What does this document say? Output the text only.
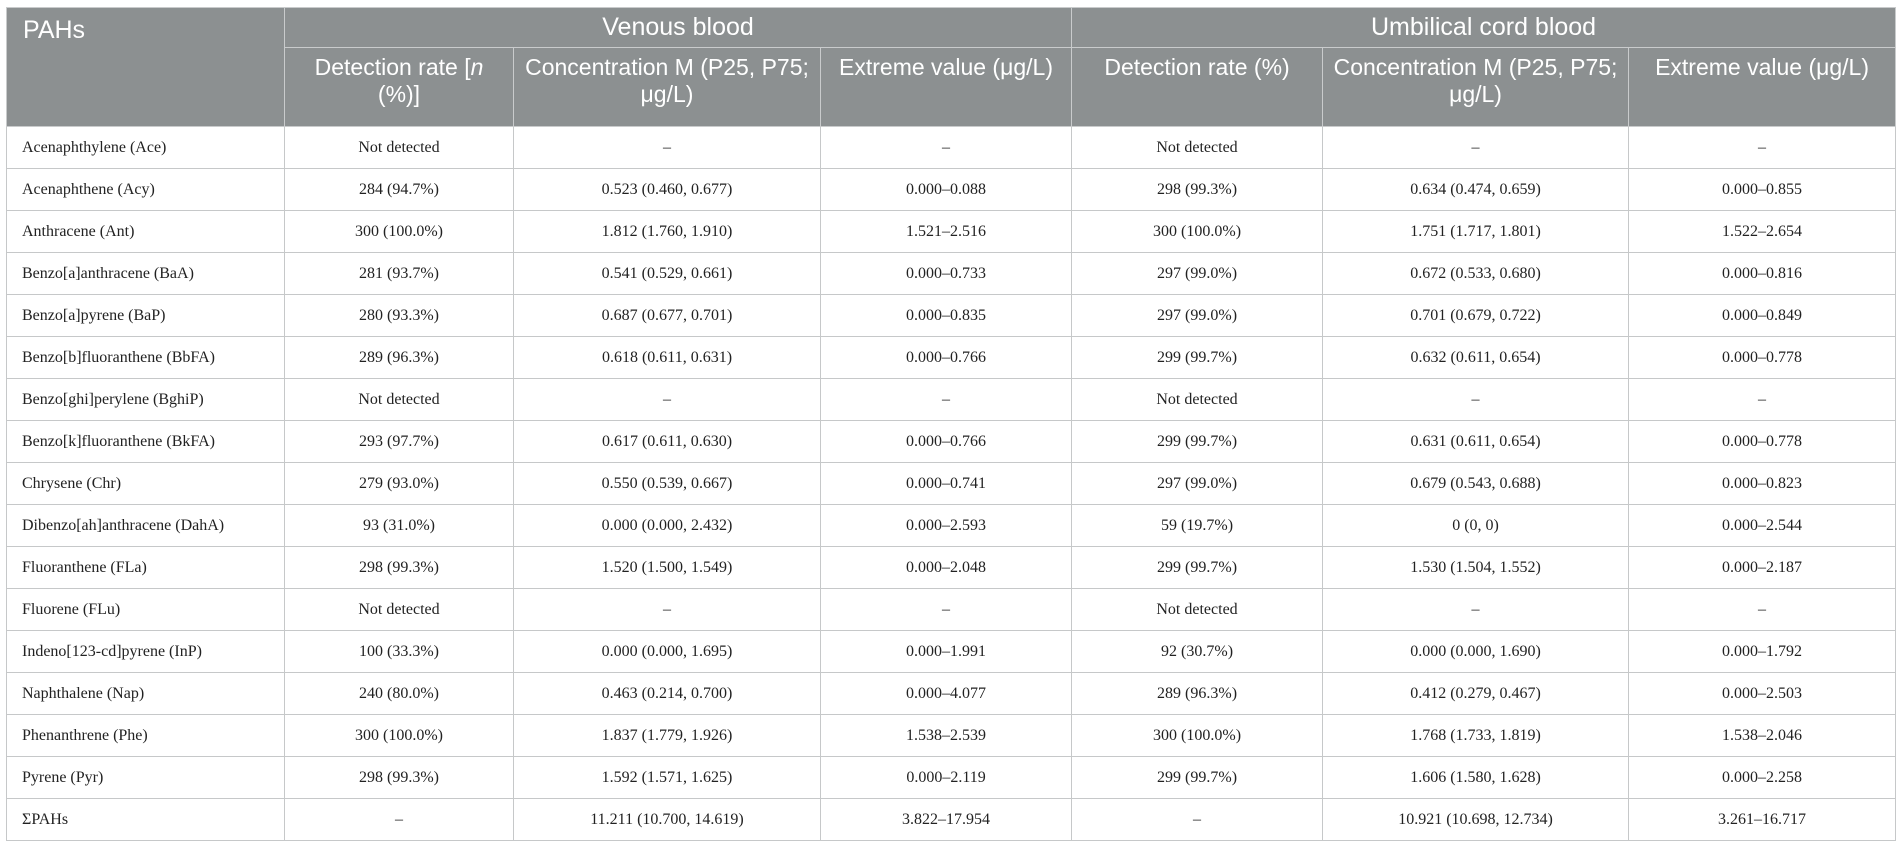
PAHs	Venous blood			Umbilical cord blood		
	Detection rate [n (%)]	Concentration M (P25, P75; μg/L)	Extreme value (μg/L)	Detection rate (%)	Concentration M (P25, P75; μg/L)	Extreme value (μg/L)
Acenaphthylene (Ace)	Not detected	–	–	Not detected	–	–
Acenaphthene (Acy)	284 (94.7%)	0.523 (0.460, 0.677)	0.000–0.088	298 (99.3%)	0.634 (0.474, 0.659)	0.000–0.855
Anthracene (Ant)	300 (100.0%)	1.812 (1.760, 1.910)	1.521–2.516	300 (100.0%)	1.751 (1.717, 1.801)	1.522–2.654
Benzo[a]anthracene (BaA)	281 (93.7%)	0.541 (0.529, 0.661)	0.000–0.733	297 (99.0%)	0.672 (0.533, 0.680)	0.000–0.816
Benzo[a]pyrene (BaP)	280 (93.3%)	0.687 (0.677, 0.701)	0.000–0.835	297 (99.0%)	0.701 (0.679, 0.722)	0.000–0.849
Benzo[b]fluoranthene (BbFA)	289 (96.3%)	0.618 (0.611, 0.631)	0.000–0.766	299 (99.7%)	0.632 (0.611, 0.654)	0.000–0.778
Benzo[ghi]perylene (BghiP)	Not detected	–	–	Not detected	–	–
Benzo[k]fluoranthene (BkFA)	293 (97.7%)	0.617 (0.611, 0.630)	0.000–0.766	299 (99.7%)	0.631 (0.611, 0.654)	0.000–0.778
Chrysene (Chr)	279 (93.0%)	0.550 (0.539, 0.667)	0.000–0.741	297 (99.0%)	0.679 (0.543, 0.688)	0.000–0.823
Dibenzo[ah]anthracene (DahA)	93 (31.0%)	0.000 (0.000, 2.432)	0.000–2.593	59 (19.7%)	0 (0, 0)	0.000–2.544
Fluoranthene (FLa)	298 (99.3%)	1.520 (1.500, 1.549)	0.000–2.048	299 (99.7%)	1.530 (1.504, 1.552)	0.000–2.187
Fluorene (FLu)	Not detected	–	–	Not detected	–	–
Indeno[123-cd]pyrene (InP)	100 (33.3%)	0.000 (0.000, 1.695)	0.000–1.991	92 (30.7%)	0.000 (0.000, 1.690)	0.000–1.792
Naphthalene (Nap)	240 (80.0%)	0.463 (0.214, 0.700)	0.000–4.077	289 (96.3%)	0.412 (0.279, 0.467)	0.000–2.503
Phenanthrene (Phe)	300 (100.0%)	1.837 (1.779, 1.926)	1.538–2.539	300 (100.0%)	1.768 (1.733, 1.819)	1.538–2.046
Pyrene (Pyr)	298 (99.3%)	1.592 (1.571, 1.625)	0.000–2.119	299 (99.7%)	1.606 (1.580, 1.628)	0.000–2.258
ΣPAHs	–	11.211 (10.700, 14.619)	3.822–17.954	–	10.921 (10.698, 12.734)	3.261–16.717
